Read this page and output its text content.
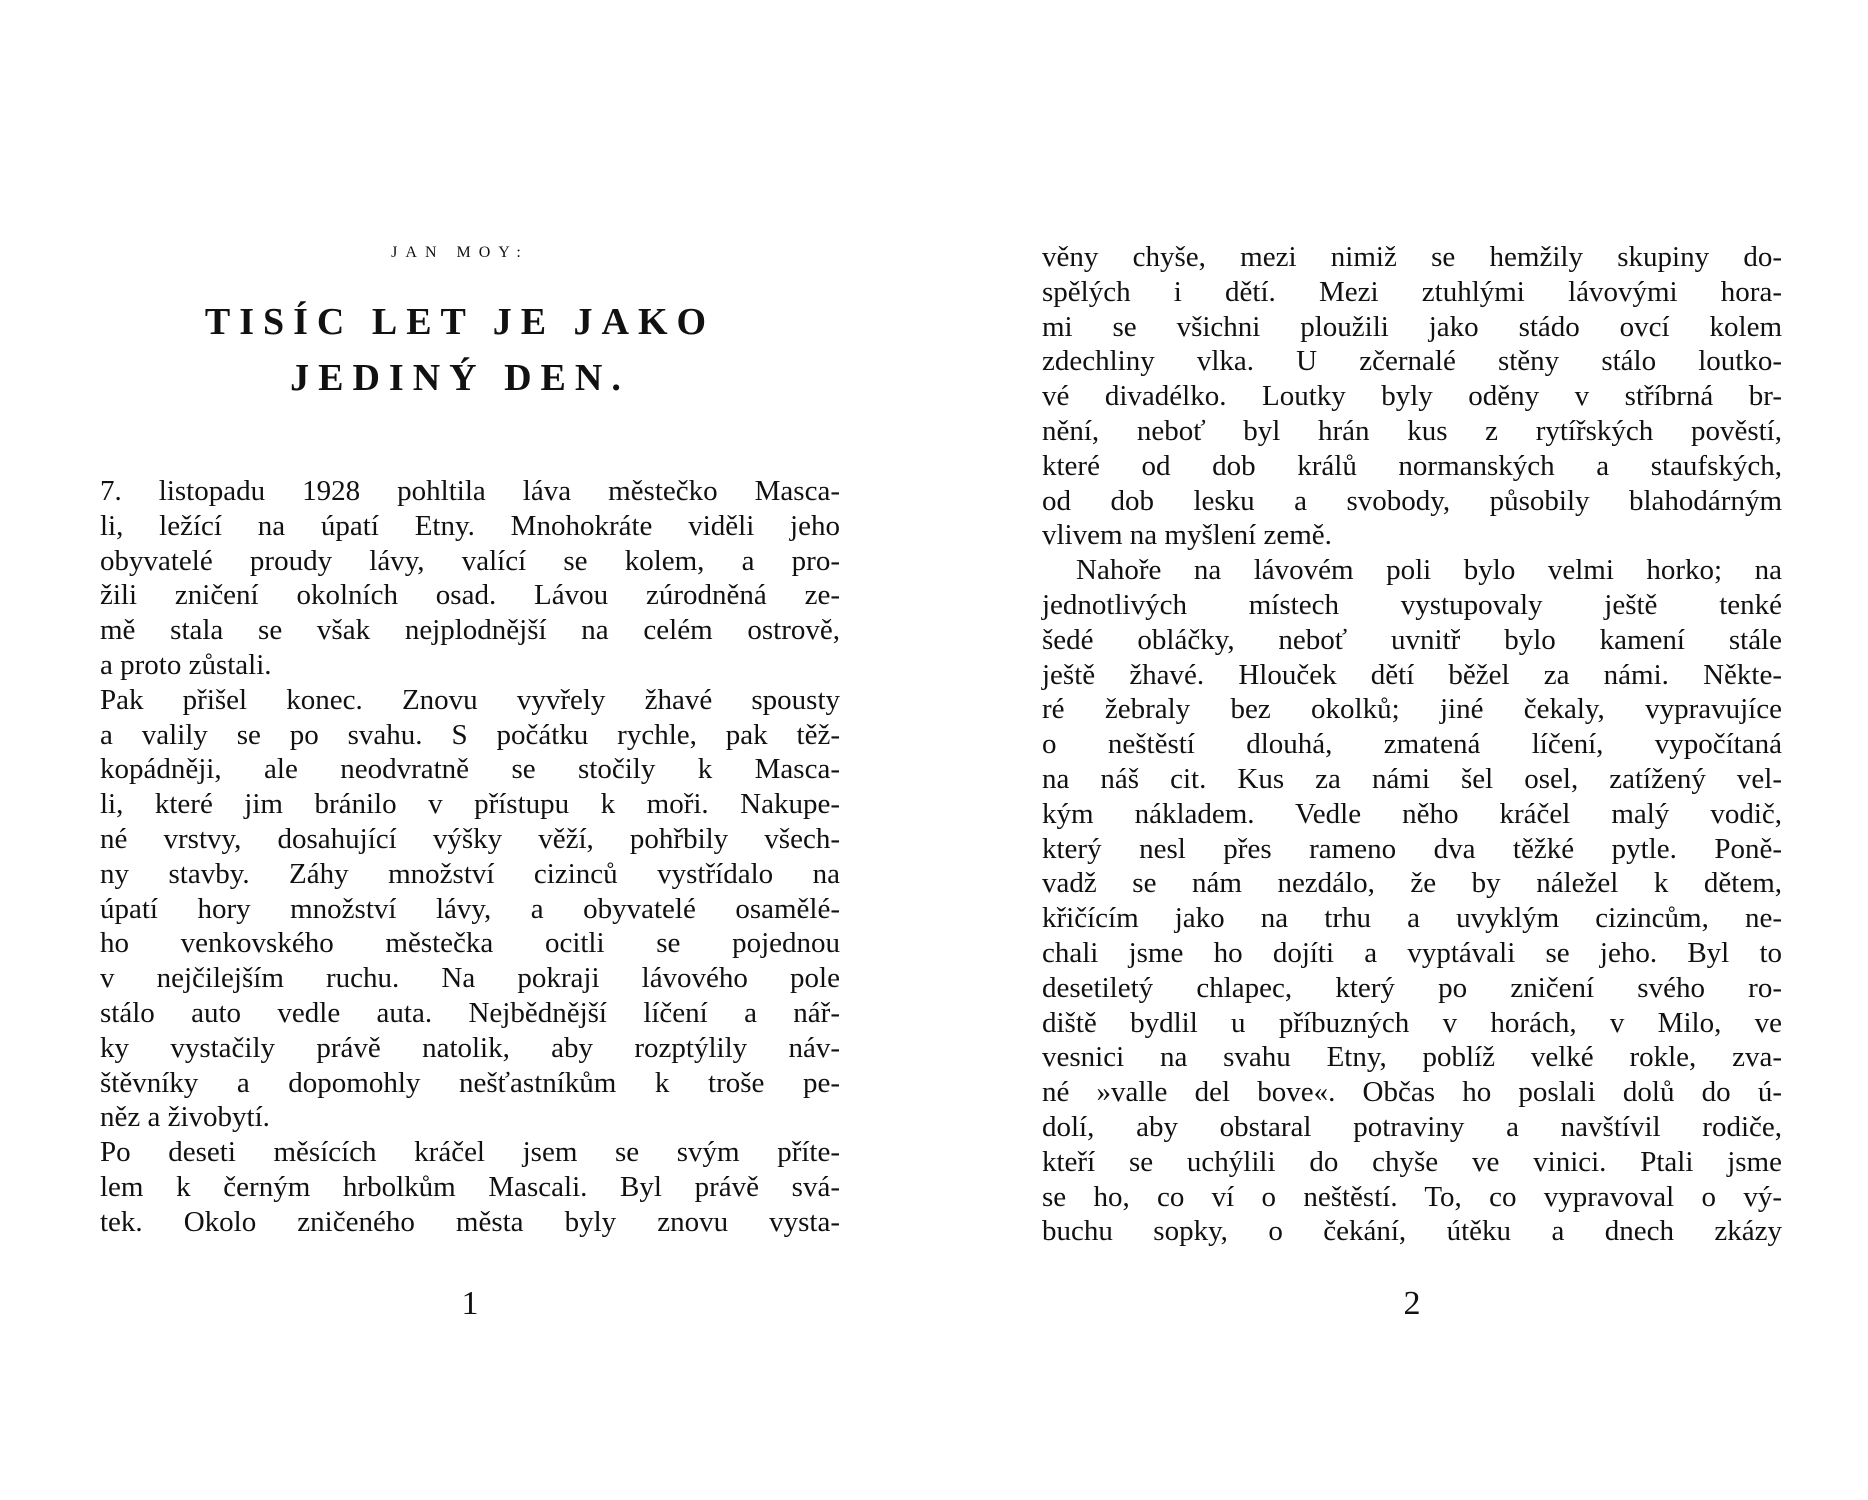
JAN MOY:
TISÍC LET JE JAKO
JEDINÝ DEN.
7. listopadu 1928 pohltila láva městečko Masca-
li, ležící na úpatí Etny. Mnohokráte viděli jeho
obyvatelé proudy lávy, valící se kolem, a pro-
žili zničení okolních osad. Lávou zúrodněná ze-
mě stala se však nejplodnější na celém ostrově,
a proto zůstali.
Pak přišel konec. Znovu vyvřely žhavé spousty
a valily se po svahu. S počátku rychle, pak těž-
kopádněji, ale neodvratně se stočily k Masca-
li, které jim bránilo v přístupu k moři. Nakupe-
né vrstvy, dosahující výšky věží, pohřbily všech-
ny stavby. Záhy množství cizinců vystřídalo na
úpatí hory množství lávy, a obyvatelé osamělé-
ho venkovského městečka ocitli se pojednou
v nejčilejším ruchu. Na pokraji lávového pole
stálo auto vedle auta. Nejbědnější líčení a nář-
ky vystačily právě natolik, aby rozptýlily náv-
štěvníky a dopomohly nešťastníkům k troše pe-
něz a živobytí.
Po deseti měsících kráčel jsem se svým příte-
lem k černým hrbolkům Mascali. Byl právě svá-
tek. Okolo zničeného města byly znovu vysta-
1
věny chyše, mezi nimiž se hemžily skupiny do-
spělých i dětí. Mezi ztuhlými lávovými hora-
mi se všichni ploužili jako stádo ovcí kolem
zdechliny vlka. U zčernalé stěny stálo loutko-
vé divadélko. Loutky byly oděny v stříbrná br-
nění, neboť byl hrán kus z rytířských pověstí,
které od dob králů normanských a staufských,
od dob lesku a svobody, působily blahodárným
vlivem na myšlení země.
Nahoře na lávovém poli bylo velmi horko; na
jednotlivých místech vystupovaly ještě tenké
šedé obláčky, neboť uvnitř bylo kamení stále
ještě žhavé. Hlouček dětí běžel za námi. Někte-
ré žebraly bez okolků; jiné čekaly, vypravujíce
o neštěstí dlouhá, zmatená líčení, vypočítaná
na náš cit. Kus za námi šel osel, zatížený vel-
kým nákladem. Vedle něho kráčel malý vodič,
který nesl přes rameno dva těžké pytle. Poně-
vadž se nám nezdálo, že by náležel k dětem,
křičícím jako na trhu a uvyklým cizincům, ne-
chali jsme ho dojíti a vyptávali se jeho. Byl to
desetiletý chlapec, který po zničení svého ro-
diště bydlil u příbuzných v horách, v Milo, ve
vesnici na svahu Etny, poblíž velké rokle, zva-
né »valle del bove«. Občas ho poslali dolů do ú-
dolí, aby obstaral potraviny a navštívil rodiče,
kteří se uchýlili do chyše ve vinici. Ptali jsme
se ho, co ví o neštěstí. To, co vypravoval o vý-
buchu sopky, o čekání, útěku a dnech zkázy
2
